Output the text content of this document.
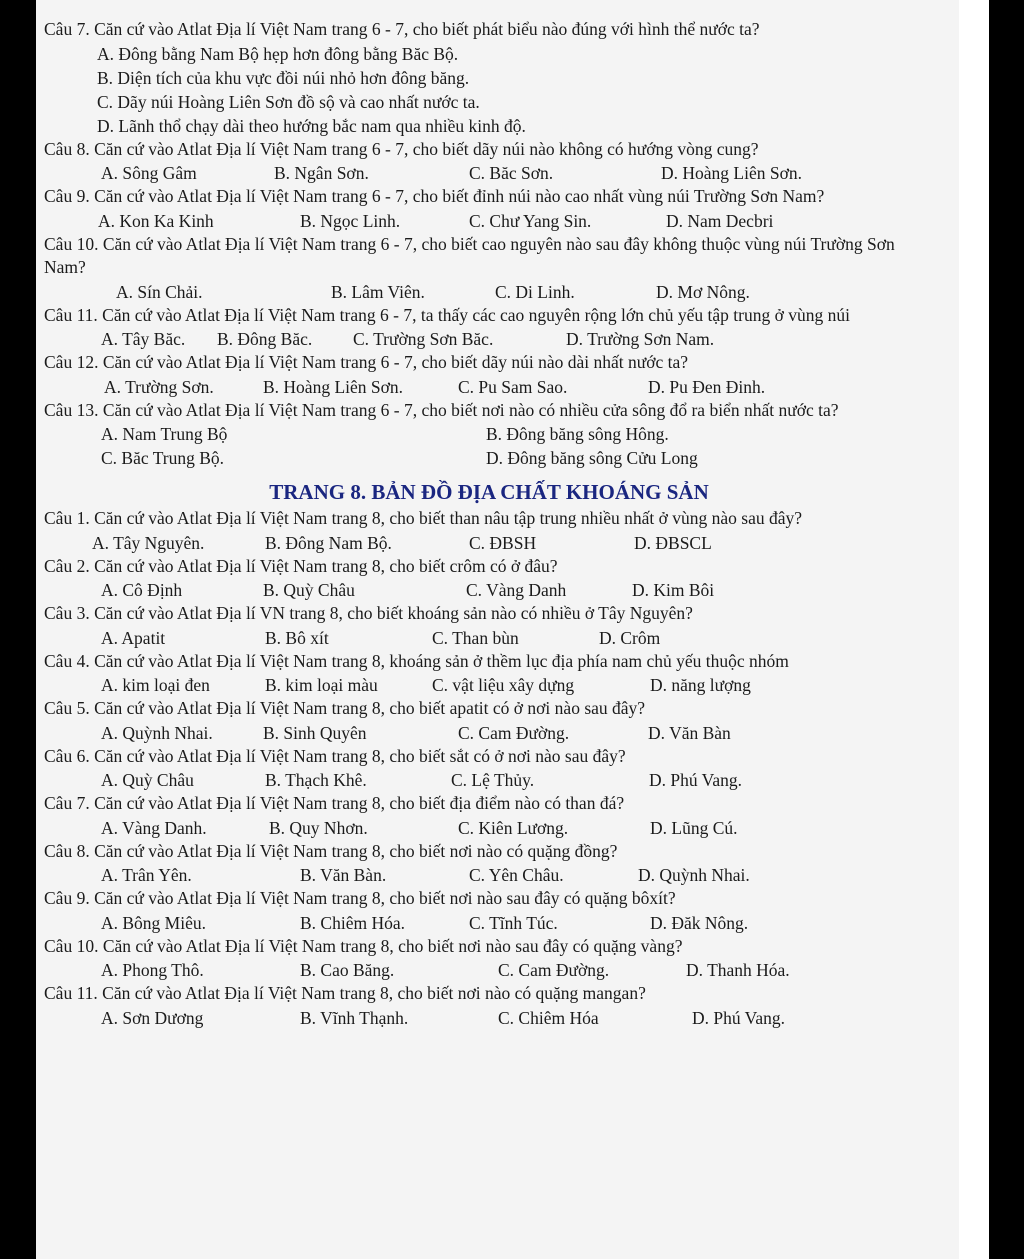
Câu 7. Căn cứ vào Atlat Địa lí Việt Nam trang 6 - 7, cho biết phát biểu nào đúng với hình thể nước ta?
A. Đông bằng Nam Bộ hẹp hơn đông bằng Băc Bộ.
B. Diện tích của khu vực đồi núi nhỏ hơn đông băng.
C. Dãy núi Hoàng Liên Sơn đồ sộ và cao nhất nước ta.
D. Lãnh thổ chạy dài theo hướng bắc nam qua nhiều kinh độ.
Câu 8. Căn cứ vào Atlat Địa lí Việt Nam trang 6 - 7, cho biết dãy núi nào không có hướng vòng cung?
A. Sông Gâm	B. Ngân Sơn.	C. Băc Sơn.	D. Hoàng Liên Sơn.
Câu 9. Căn cứ vào Atlat Địa lí Việt Nam trang 6 - 7, cho biết đỉnh núi nào cao nhất vùng núi Trường Sơn Nam?
A. Kon Ka Kinh	B. Ngọc Linh.	C. Chư Yang Sin.	D. Nam Decbri
Câu 10. Căn cứ vào Atlat Địa lí Việt Nam trang 6 - 7, cho biết cao nguyên nào sau đây không thuộc vùng núi Trường Sơn Nam?
A. Sín Chải.	B. Lâm Viên.	C. Di Linh.	D. Mơ Nông.
Câu 11. Căn cứ vào Atlat Địa lí Việt Nam trang 6 - 7, ta thấy các cao nguyên rộng lớn chủ yếu tập trung ở vùng núi
A. Tây Băc. B. Đông Băc. C. Trường Sơn Băc.	D. Trường Sơn Nam.
Câu 12. Căn cứ vào Atlat Địa lí Việt Nam trang 6 - 7, cho biết dãy núi nào dài nhất nước ta?
A. Trường Sơn.	B. Hoàng Liên Sơn.	C. Pu Sam Sao.	D. Pu Đen Đinh.
Câu 13. Căn cứ vào Atlat Địa lí Việt Nam trang 6 - 7, cho biết nơi nào có nhiều cửa sông đổ ra biển nhất nước ta?
A. Nam Trung Bộ	B. Đông băng sông Hông.
C. Băc Trung Bộ.	D. Đông băng sông Cửu Long
TRANG 8. BẢN ĐỒ ĐỊA CHẤT KHOÁNG SẢN
Câu 1. Căn cứ vào Atlat Địa lí Việt Nam trang 8, cho biết than nâu tập trung nhiều nhất ở vùng nào sau đây?
A. Tây Nguyên.	B. Đông Nam Bộ.	C. ĐBSH	D. ĐBSCL
Câu 2. Căn cứ vào Atlat Địa lí Việt Nam trang 8, cho biết crôm có ở đâu?
A. Cô Định	B. Quỳ Châu	C. Vàng Danh	D. Kim Bôi
Câu 3. Căn cứ vào Atlat Địa lí VN trang 8, cho biết khoáng sản nào có nhiều ở Tây Nguyên?
A. Apatit	B. Bô xít	C. Than bùn	D. Crôm
Câu 4. Căn cứ vào Atlat Địa lí Việt Nam trang 8, khoáng sản ở thềm lục địa phía nam chủ yếu thuộc nhóm
A. kim loại đen	B. kim loại màu	C. vật liệu xây dựng	D. năng lượng
Câu 5. Căn cứ vào Atlat Địa lí Việt Nam trang 8, cho biết apatit có ở nơi nào sau đây?
A. Quỳnh Nhai.	B. Sinh Quyên	C. Cam Đường.	D. Văn Bàn
Câu 6. Căn cứ vào Atlat Địa lí Việt Nam trang 8, cho biết sắt có ở nơi nào sau đây?
A. Quỳ Châu	B. Thạch Khê.	C. Lệ Thủy.	D. Phú Vang.
Câu 7. Căn cứ vào Atlat Địa lí Việt Nam trang 8, cho biết địa điểm nào có than đá?
A. Vàng Danh.	B. Quy Nhơn.	C. Kiên Lương.	D. Lũng Cú.
Câu 8. Căn cứ vào Atlat Địa lí Việt Nam trang 8, cho biết nơi nào có quặng đồng?
A. Trân Yên.	B. Văn Bàn.	C. Yên Châu.	D. Quỳnh Nhai.
Câu 9. Căn cứ vào Atlat Địa lí Việt Nam trang 8, cho biết nơi nào sau đây có quặng bôxít?
A. Bông Miêu.	B. Chiêm Hóa.	C. Tĩnh Túc.	D. Đăk Nông.
Câu 10. Căn cứ vào Atlat Địa lí Việt Nam trang 8, cho biết nơi nào sau đây có quặng vàng?
A. Phong Thô.	B. Cao Băng.	C. Cam Đường.	D. Thanh Hóa.
Câu 11. Căn cứ vào Atlat Địa lí Việt Nam trang 8, cho biết nơi nào có quặng mangan?
A. Sơn Dương	B. Vĩnh Thạnh.	C. Chiêm Hóa	D. Phú Vang.
